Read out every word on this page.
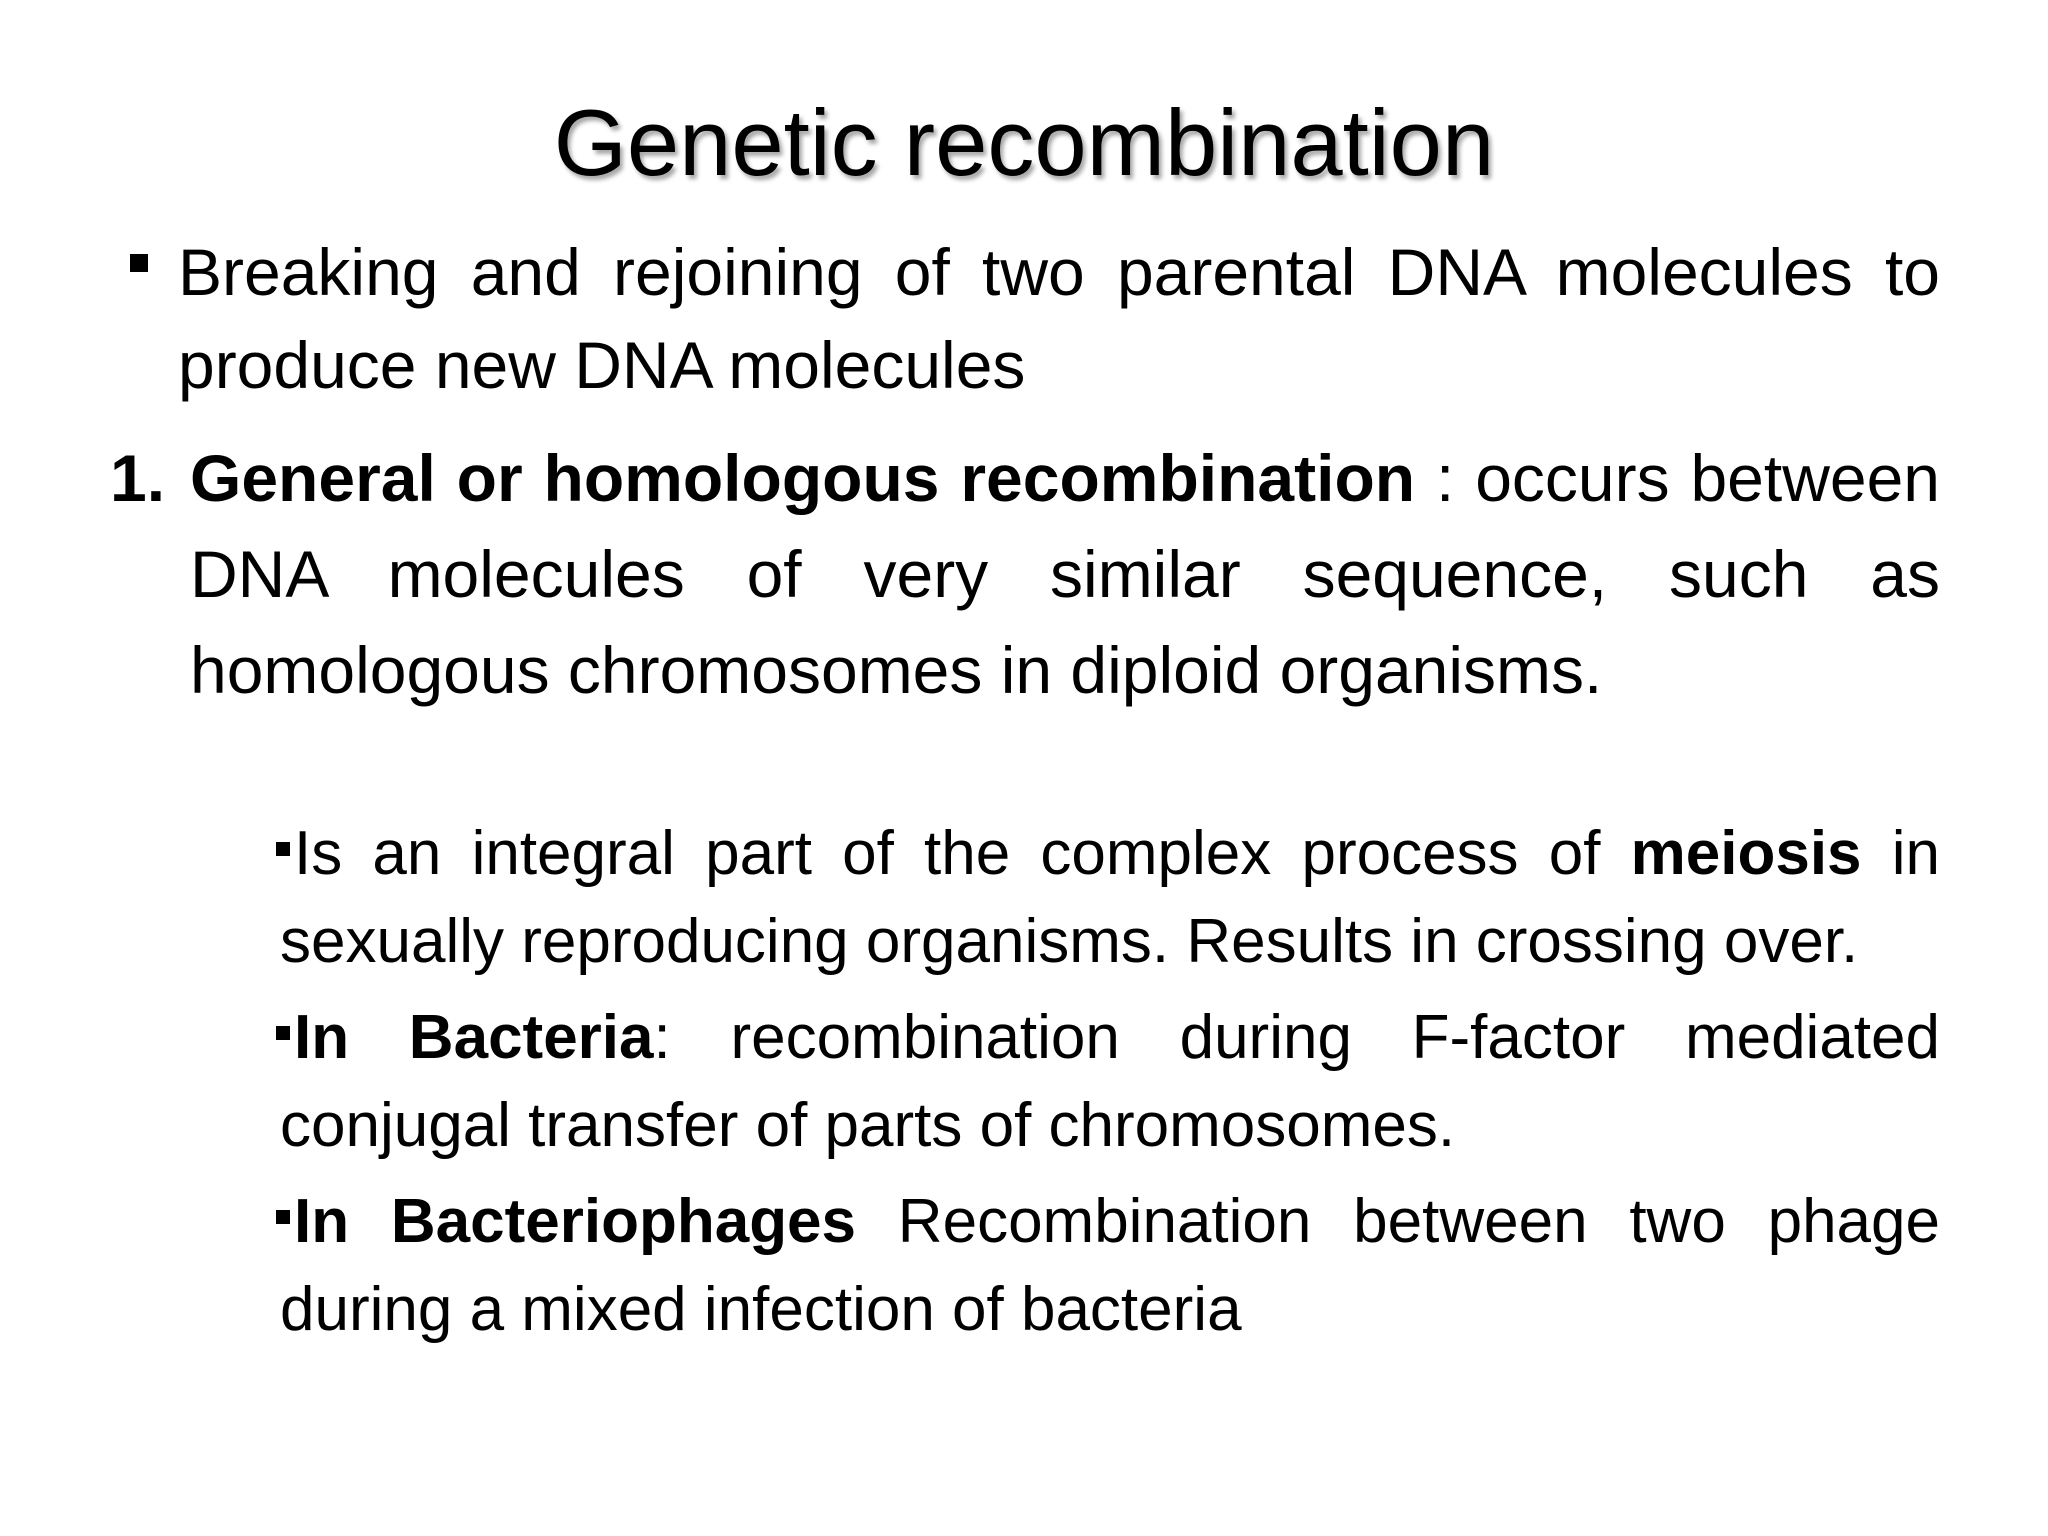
Genetic recombination
Breaking and rejoining of two parental DNA molecules to produce new DNA molecules
1. General or homologous recombination : occurs between DNA molecules of very similar sequence, such as homologous chromosomes in diploid organisms.
Is an integral part of the complex process of meiosis in sexually reproducing organisms. Results in crossing over.
In Bacteria: recombination during F-factor mediated conjugal transfer of parts of chromosomes.
In Bacteriophages Recombination between two phage during a mixed infection of bacteria
